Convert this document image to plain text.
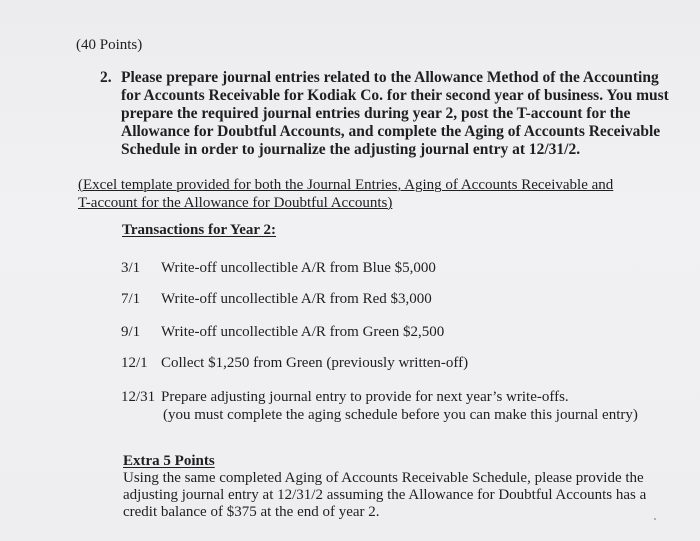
(40 Points)
2. Please prepare journal entries related to the Allowance Method of the Accounting
for Accounts Receivable for Kodiak Co. for their second year of business. You must
prepare the required journal entries during year 2, post the T-account for the
Allowance for Doubtful Accounts, and complete the Aging of Accounts Receivable
Schedule in order to journalize the adjusting journal entry at 12/31/2.
(Excel template provided for both the Journal Entries, Aging of Accounts Receivable and
T-account for the Allowance for Doubtful Accounts)
Transactions for Year 2:
3/1 Write-off uncollectible A/R from Blue $5,000
7/1 Write-off uncollectible A/R from Red $3,000
9/1 Write-off uncollectible A/R from Green $2,500
12/1 Collect $1,250 from Green (previously written-off)
12/31 Prepare adjusting journal entry to provide for next year’s write-offs.
(you must complete the aging schedule before you can make this journal entry)
Extra 5 Points
Using the same completed Aging of Accounts Receivable Schedule, please provide the
adjusting journal entry at 12/31/2 assuming the Allowance for Doubtful Accounts has a
credit balance of $375 at the end of year 2.
